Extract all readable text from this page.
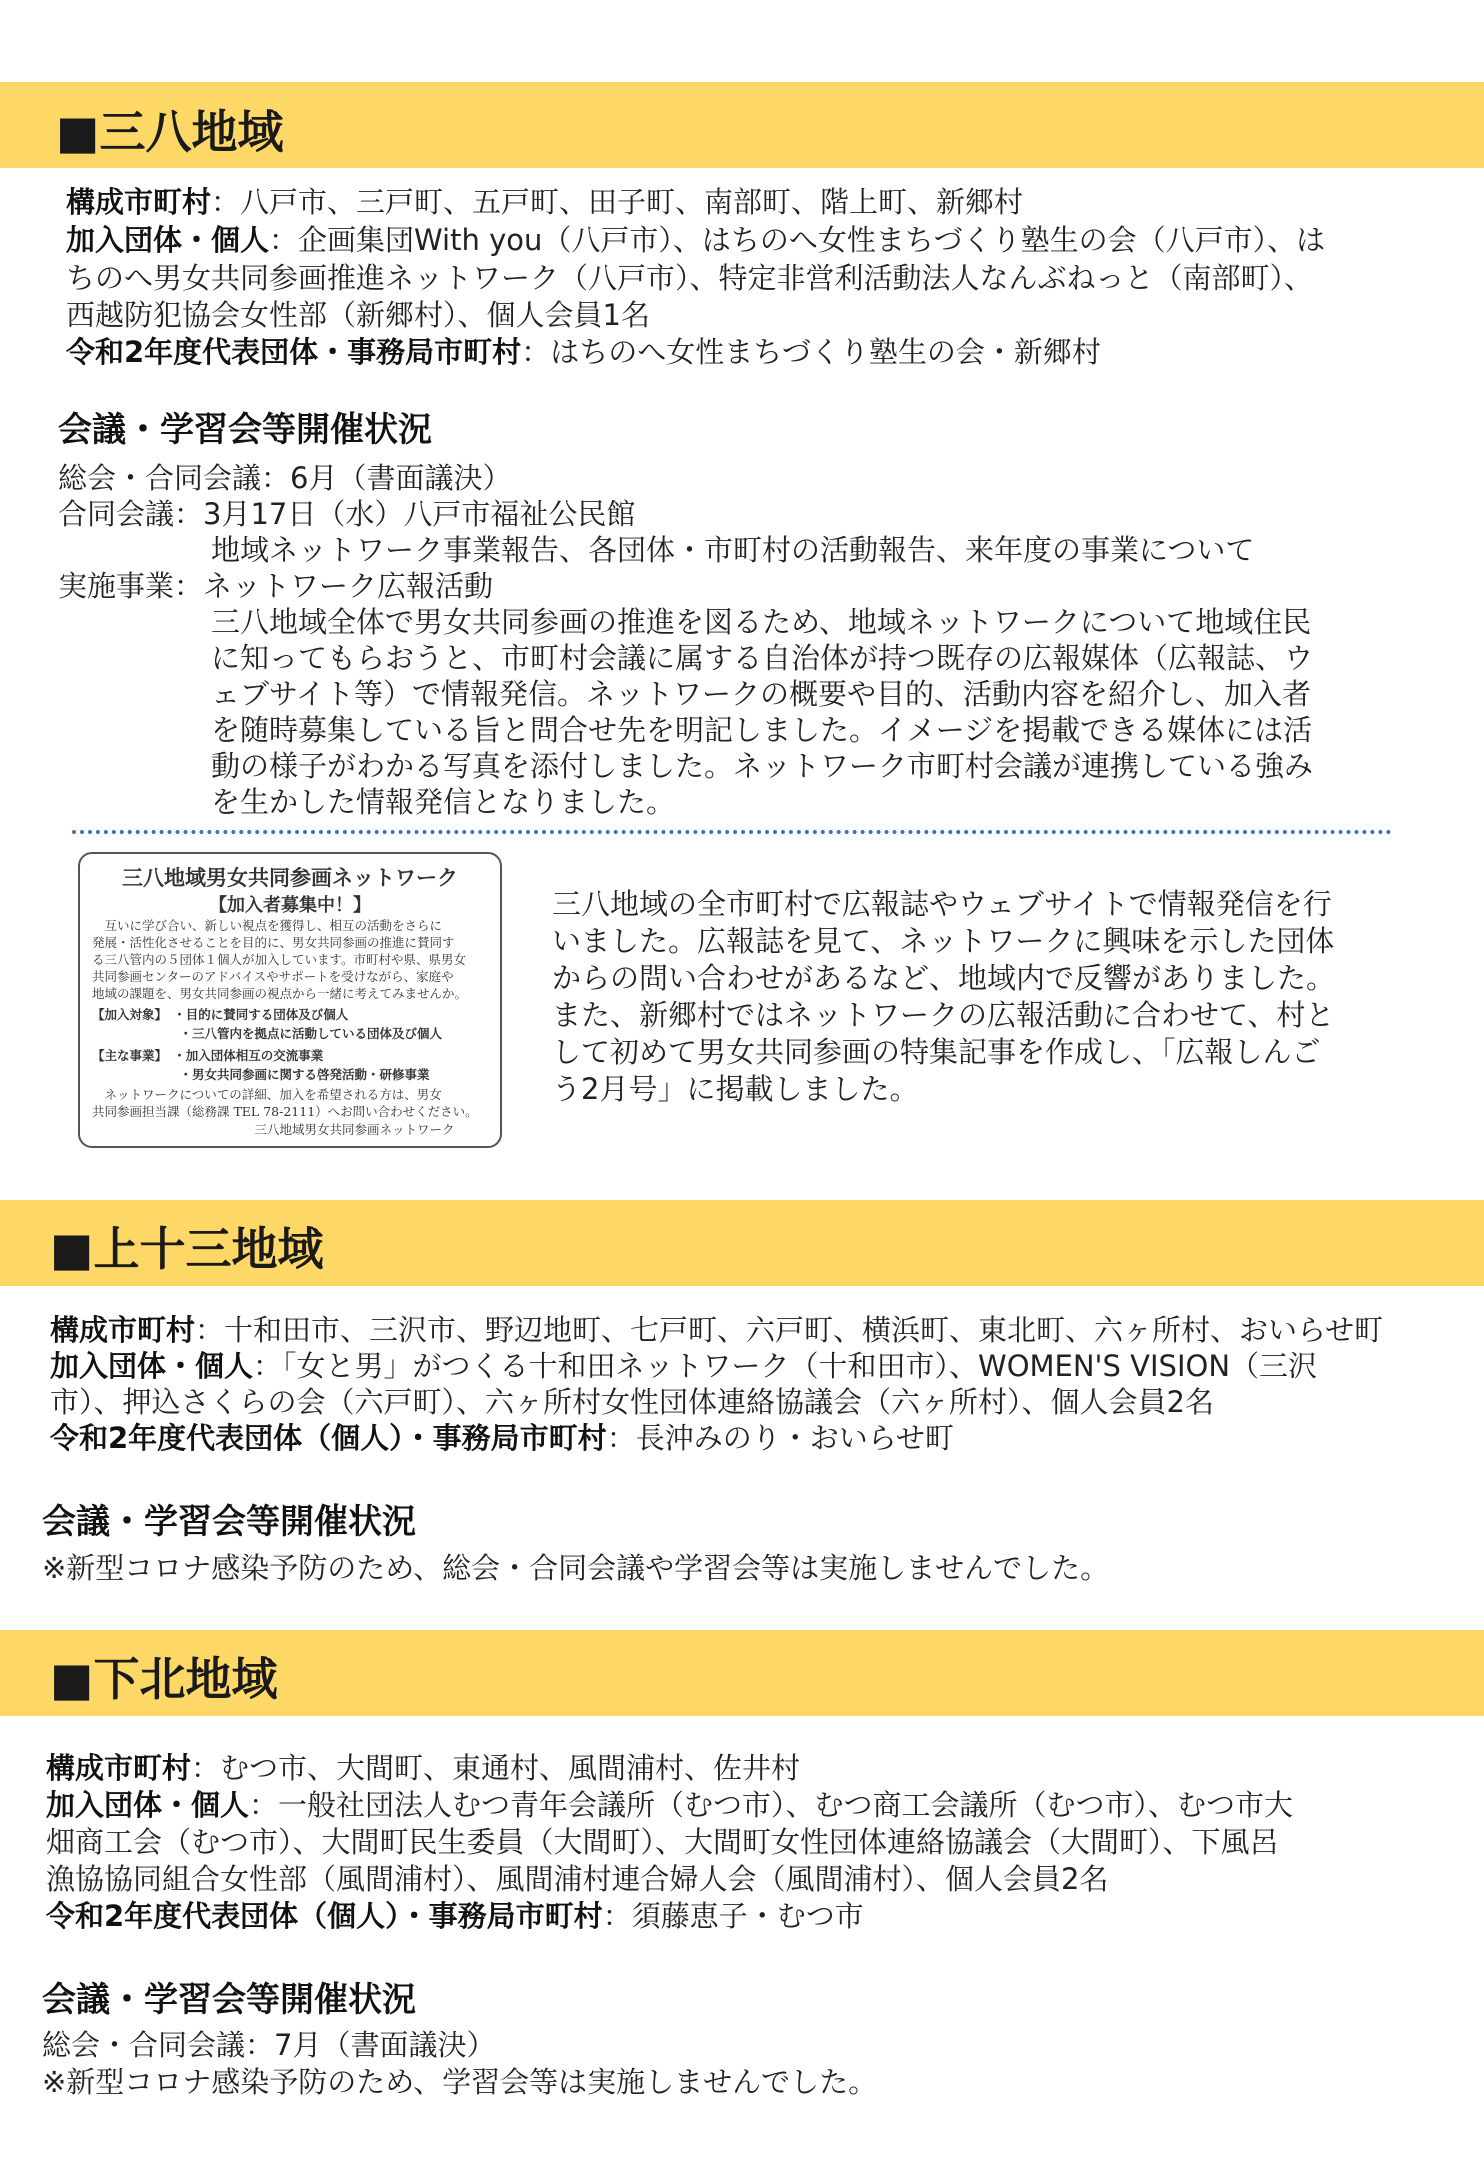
■三八地域
構成市町村：八戸市、三戸町、五戸町、田子町、南部町、階上町、新郷村
加入団体・個人：企画集団With you（八戸市）、はちのへ女性まちづくり塾生の会（八戸市）、は
ちのへ男女共同参画推進ネットワーク（八戸市）、特定非営利活動法人なんぶねっと（南部町）、
西越防犯協会女性部（新郷村）、個人会員1名
令和2年度代表団体・事務局市町村：はちのへ女性まちづくり塾生の会・新郷村
会議・学習会等開催状況
総会・合同会議：6月（書面議決）
合同会議：3月17日（水）八戸市福祉公民館
地域ネットワーク事業報告、各団体・市町村の活動報告、来年度の事業について
実施事業：ネットワーク広報活動
三八地域全体で男女共同参画の推進を図るため、地域ネットワークについて地域住民
に知ってもらおうと、市町村会議に属する自治体が持つ既存の広報媒体（広報誌、ウ
ェブサイト等）で情報発信。ネットワークの概要や目的、活動内容を紹介し、加入者
を随時募集している旨と問合せ先を明記しました。イメージを掲載できる媒体には活
動の様子がわかる写真を添付しました。ネットワーク市町村会議が連携している強み
を生かした情報発信となりました。
三八地域男女共同参画ネットワーク
【加入者募集中！】
　互いに学び合い、新しい視点を獲得し、相互の活動をさらに
発展・活性化させることを目的に、男女共同参画の推進に賛同す
る三八管内の５団体１個人が加入しています。市町村や県、県男女
共同参画センターのアドバイスやサポートを受けながら、家庭や
地域の課題を、男女共同参画の視点から一緒に考えてみませんか。
【加入対象】　・目的に賛同する団体及び個人
　　　　　　　・三八管内を拠点に活動している団体及び個人
【主な事業】　・加入団体相互の交流事業
　　　　　　　・男女共同参画に関する啓発活動・研修事業
　ネットワークについての詳細、加入を希望される方は、男女
共同参画担当課（総務課 TEL 78-2111）へお問い合わせください。
　　　　　　　　　　　　　三八地域男女共同参画ネットワーク
三八地域の全市町村で広報誌やウェブサイトで情報発信を行
いました。広報誌を見て、ネットワークに興味を示した団体
からの問い合わせがあるなど、地域内で反響がありました。
また、新郷村ではネットワークの広報活動に合わせて、村と
して初めて男女共同参画の特集記事を作成し、「広報しんご
う2月号」に掲載しました。
■上十三地域
構成市町村：十和田市、三沢市、野辺地町、七戸町、六戸町、横浜町、東北町、六ヶ所村、おいらせ町
加入団体・個人：「女と男」がつくる十和田ネットワーク（十和田市）、WOMEN'S VISION（三沢
市）、押込さくらの会（六戸町）、六ヶ所村女性団体連絡協議会（六ヶ所村）、個人会員2名
令和2年度代表団体（個人）・事務局市町村：長沖みのり・おいらせ町
会議・学習会等開催状況
※新型コロナ感染予防のため、総会・合同会議や学習会等は実施しませんでした。
■下北地域
構成市町村：むつ市、大間町、東通村、風間浦村、佐井村
加入団体・個人：一般社団法人むつ青年会議所（むつ市）、むつ商工会議所（むつ市）、むつ市大
畑商工会（むつ市）、大間町民生委員（大間町）、大間町女性団体連絡協議会（大間町）、下風呂
漁協協同組合女性部（風間浦村）、風間浦村連合婦人会（風間浦村）、個人会員2名
令和2年度代表団体（個人）・事務局市町村：須藤恵子・むつ市
会議・学習会等開催状況
総会・合同会議：7月（書面議決）
※新型コロナ感染予防のため、学習会等は実施しませんでした。
